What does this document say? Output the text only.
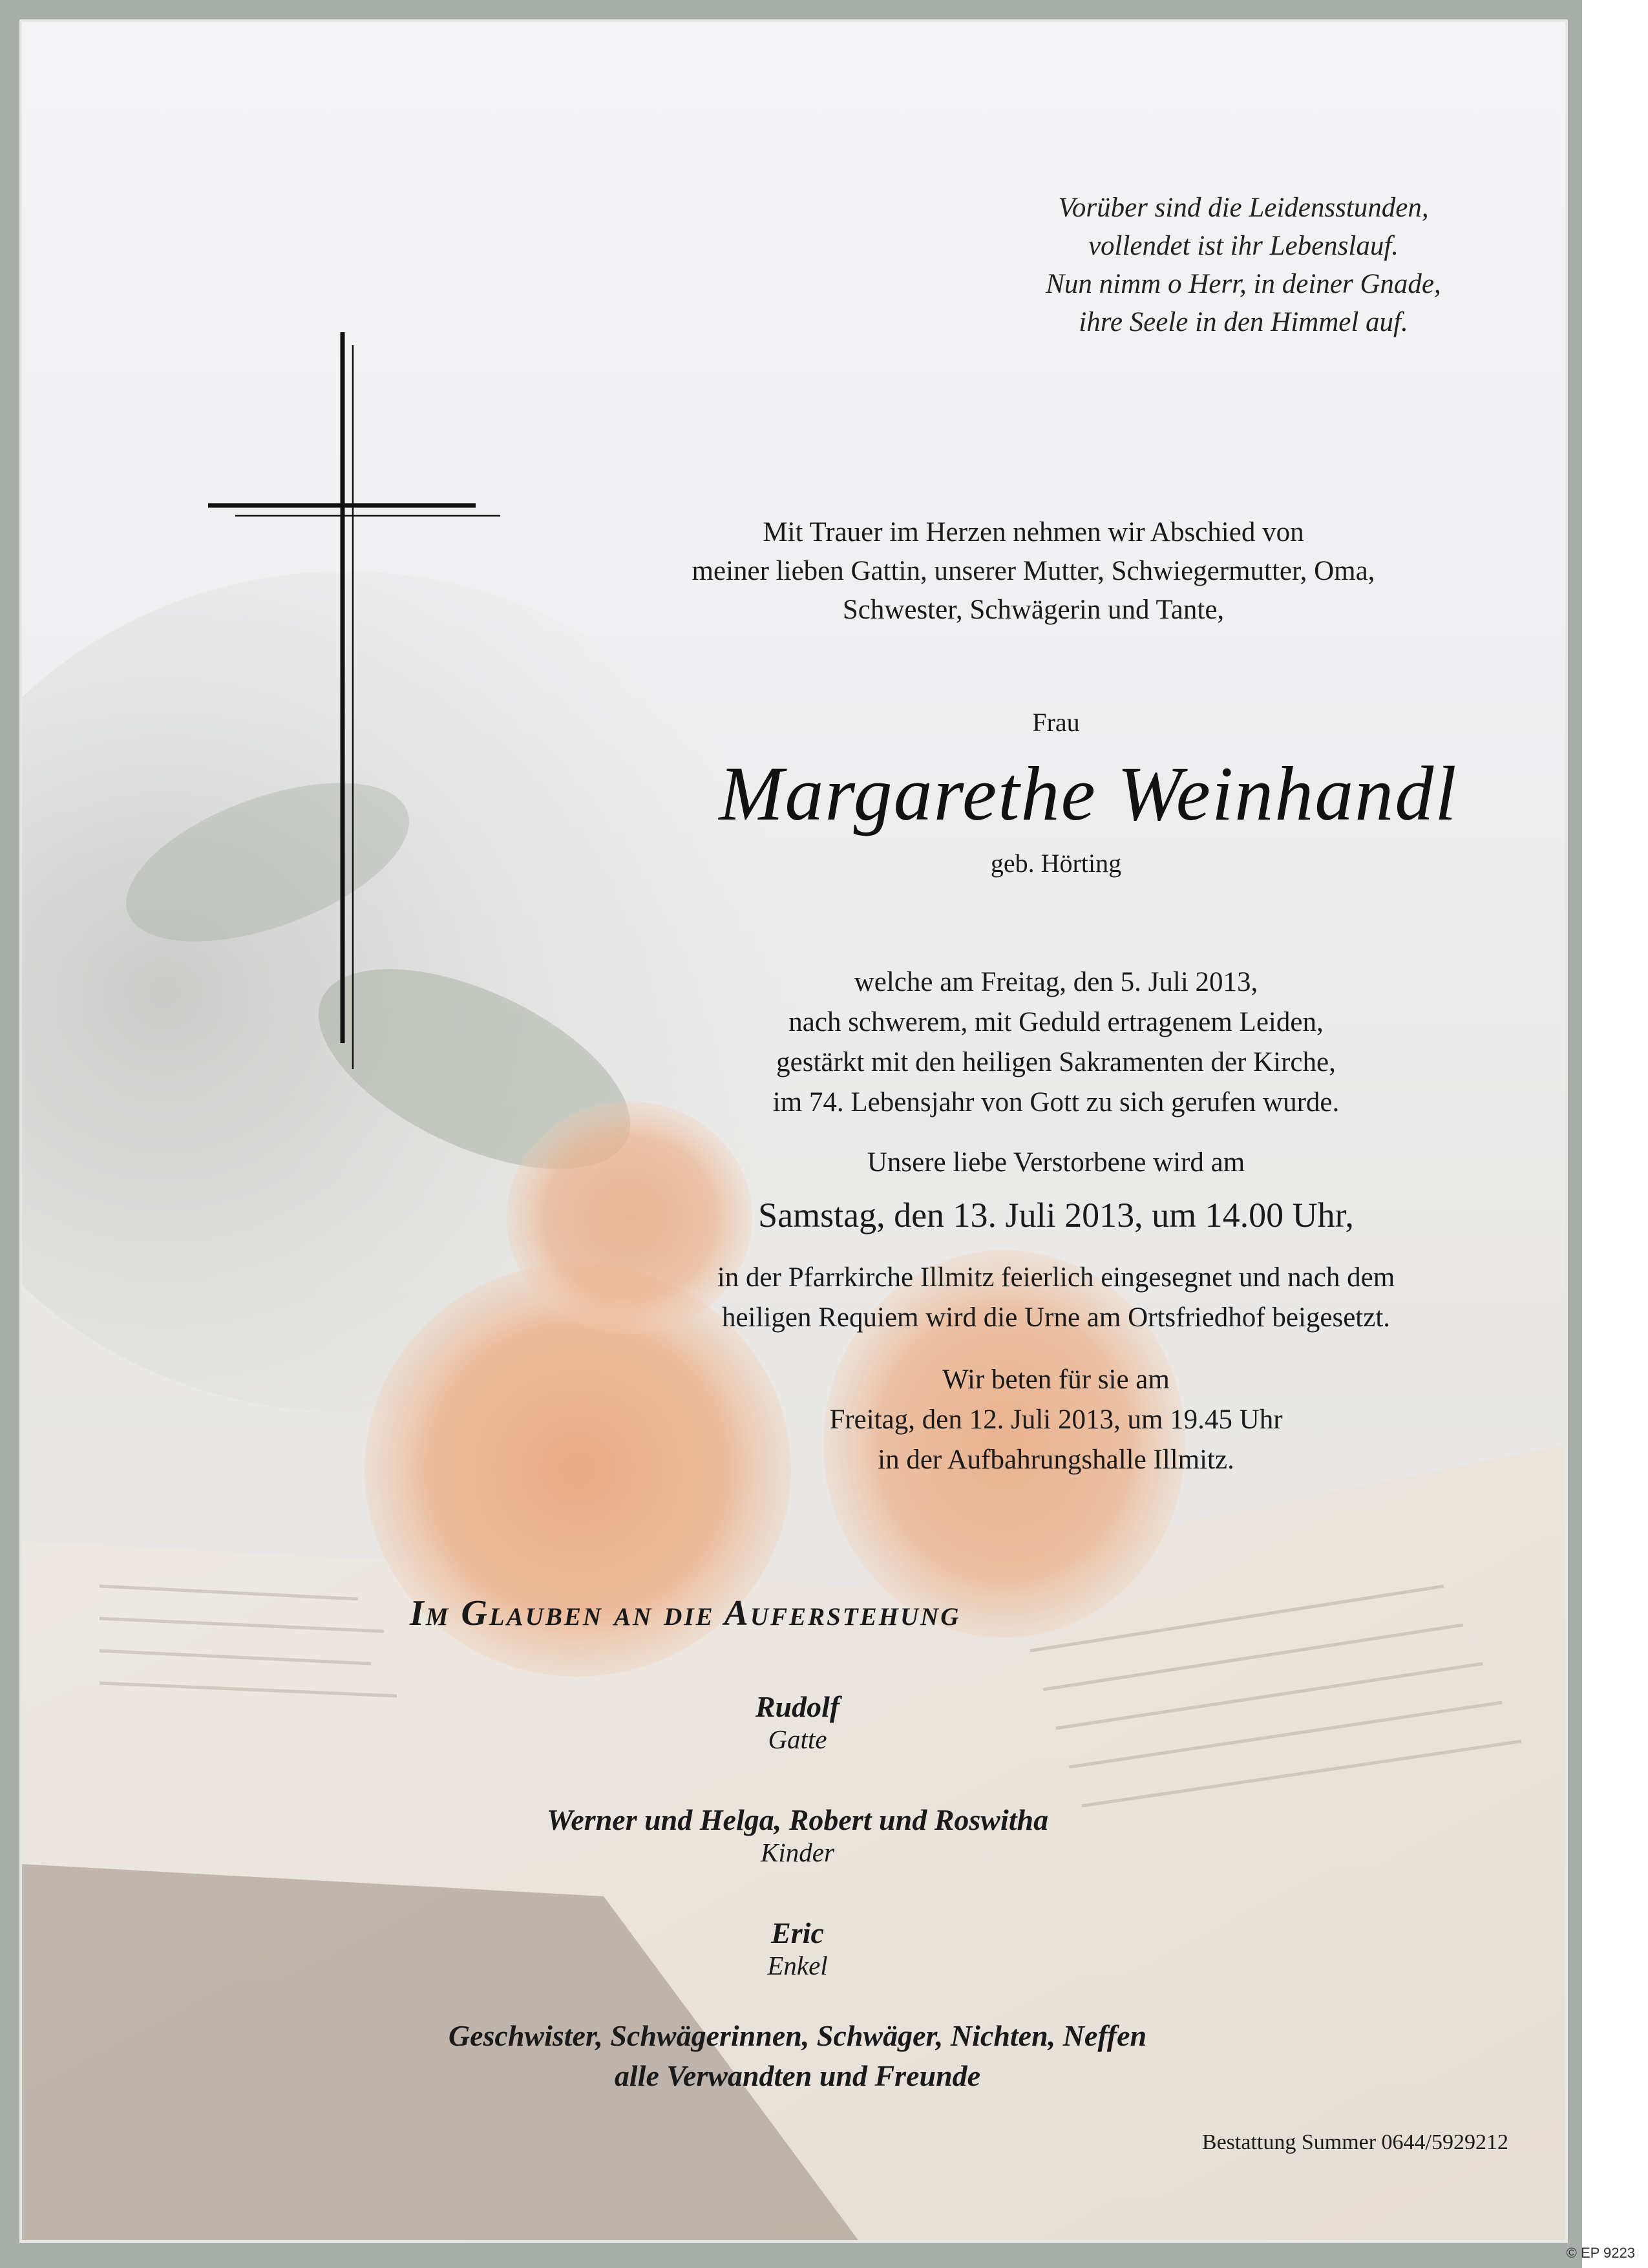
Vorüber sind die Leidensstunden,
vollendet ist ihr Lebenslauf.
Nun nimm o Herr, in deiner Gnade,
ihre Seele in den Himmel auf.
Mit Trauer im Herzen nehmen wir Abschied von
meiner lieben Gattin, unserer Mutter, Schwiegermutter, Oma,
Schwester, Schwägerin und Tante,
Frau
Margarethe Weinhandl
geb. Hörting
welche am Freitag, den 5. Juli 2013,
nach schwerem, mit Geduld ertragenem Leiden,
gestärkt mit den heiligen Sakramenten der Kirche,
im 74. Lebensjahr von Gott zu sich gerufen wurde.
Unsere liebe Verstorbene wird am
Samstag, den 13. Juli 2013, um 14.00 Uhr,
in der Pfarrkirche Illmitz feierlich eingesegnet und nach dem
heiligen Requiem wird die Urne am Ortsfriedhof beigesetzt.
Wir beten für sie am
Freitag, den 12. Juli 2013, um 19.45 Uhr
in der Aufbahrungshalle Illmitz.
Im Glauben an die Auferstehung
Rudolf
Gatte
Werner und Helga, Robert und Roswitha
Kinder
Eric
Enkel
Geschwister, Schwägerinnen, Schwäger, Nichten, Neffen
alle Verwandten und Freunde
Bestattung Summer 0644/5929212
© EP 9223
